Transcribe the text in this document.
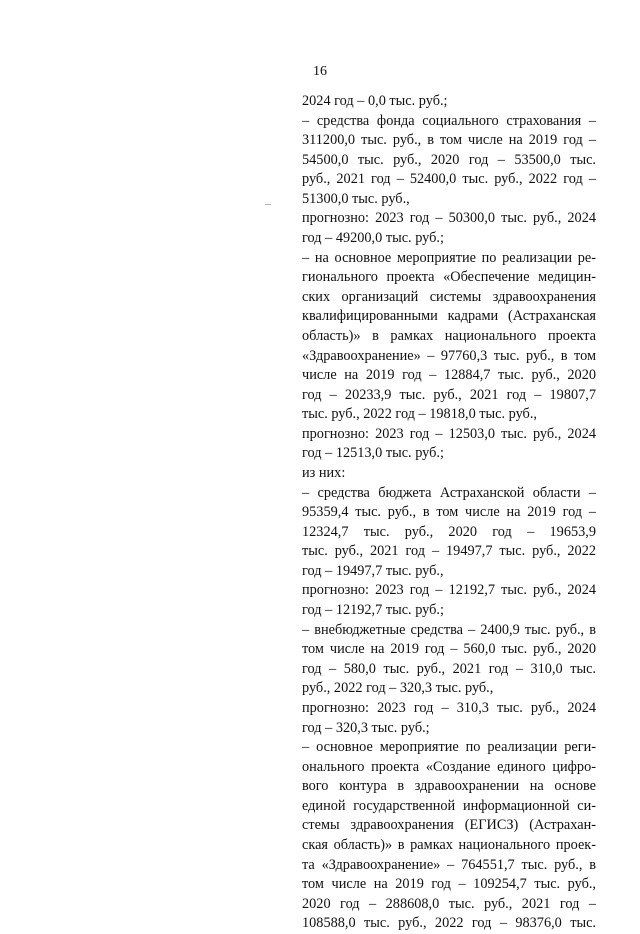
16
2024 год – 0,0 тыс. руб.;
– средства фонда социального страхования –
311200,0 тыс. руб., в том числе на 2019 год –
54500,0 тыс. руб., 2020 год – 53500,0 тыс.
руб., 2021 год – 52400,0 тыс. руб., 2022 год –
51300,0 тыс. руб.,
прогнозно: 2023 год – 50300,0 тыс. руб., 2024
год – 49200,0 тыс. руб.;
– на основное мероприятие по реализации ре-
гионального проекта «Обеспечение медицин-
ских организаций системы здравоохранения
квалифицированными кадрами (Астраханская
область)» в рамках национального проекта
«Здравоохранение» – 97760,3 тыс. руб., в том
числе на 2019 год – 12884,7 тыс. руб., 2020
год – 20233,9 тыс. руб., 2021 год – 19807,7
тыс. руб., 2022 год – 19818,0 тыс. руб.,
прогнозно: 2023 год – 12503,0 тыс. руб., 2024
год – 12513,0 тыс. руб.;
из них:
– средства бюджета Астраханской области –
95359,4 тыс. руб., в том числе на 2019 год –
12324,7 тыс. руб., 2020 год – 19653,9
тыс. руб., 2021 год – 19497,7 тыс. руб., 2022
год – 19497,7 тыс. руб.,
прогнозно: 2023 год – 12192,7 тыс. руб., 2024
год – 12192,7 тыс. руб.;
– внебюджетные средства – 2400,9 тыс. руб., в
том числе на 2019 год – 560,0 тыс. руб., 2020
год – 580,0 тыс. руб., 2021 год – 310,0 тыс.
руб., 2022 год – 320,3 тыс. руб.,
прогнозно: 2023 год – 310,3 тыс. руб., 2024
год – 320,3 тыс. руб.;
– основное мероприятие по реализации реги-
онального проекта «Создание единого цифро-
вого контура в здравоохранении на основе
единой государственной информационной си-
стемы здравоохранения (ЕГИСЗ) (Астрахан-
ская область)» в рамках национального проек-
та «Здравоохранение» – 764551,7 тыс. руб., в
том числе на 2019 год – 109254,7 тыс. руб.,
2020 год – 288608,0 тыс. руб., 2021 год –
108588,0 тыс. руб., 2022 год – 98376,0 тыс.
